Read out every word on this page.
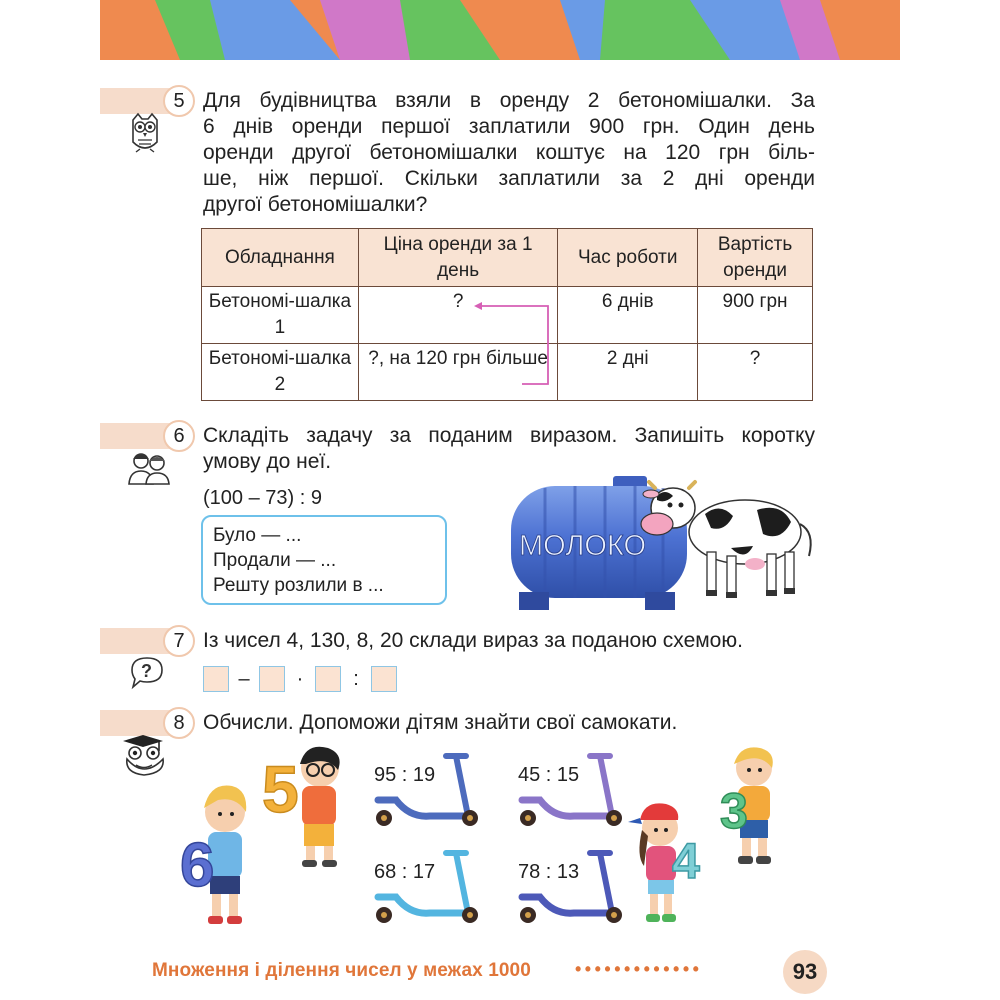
5 Для будівництва взяли в оренду 2 бетономішалки. За
6 днів оренди першої заплатили 900 грн. Один день
оренди другої бетономішалки коштує на 120 грн біль-
ше, ніж першої. Скільки заплатили за 2 дні оренди
другої бетономішалки?
Обладнання	Ціна оренди за 1 день	Час роботи	Вартість оренди
Бетономі-шалка 1	?	6 днів	900 грн
Бетономі-шалка 2	?, на 120 грн більше	2 дні	?
6 Складіть задачу за поданим виразом. Запишіть коротку
умову до неї.
(100 – 73) : 9
Було — ...
Продали — ...
Решту розлили в ...
МОЛОКО
7
?
Із чисел 4, 130, 8, 20 склади вираз за поданою схемою.
–	·	:
8 Обчисли. Допоможи дітям знайти свої самокати.
95 : 19	45 : 15
68 : 17	78 : 13
6
5
4
3
Множення і ділення чисел у межах 1000 •••••••••••••	93
